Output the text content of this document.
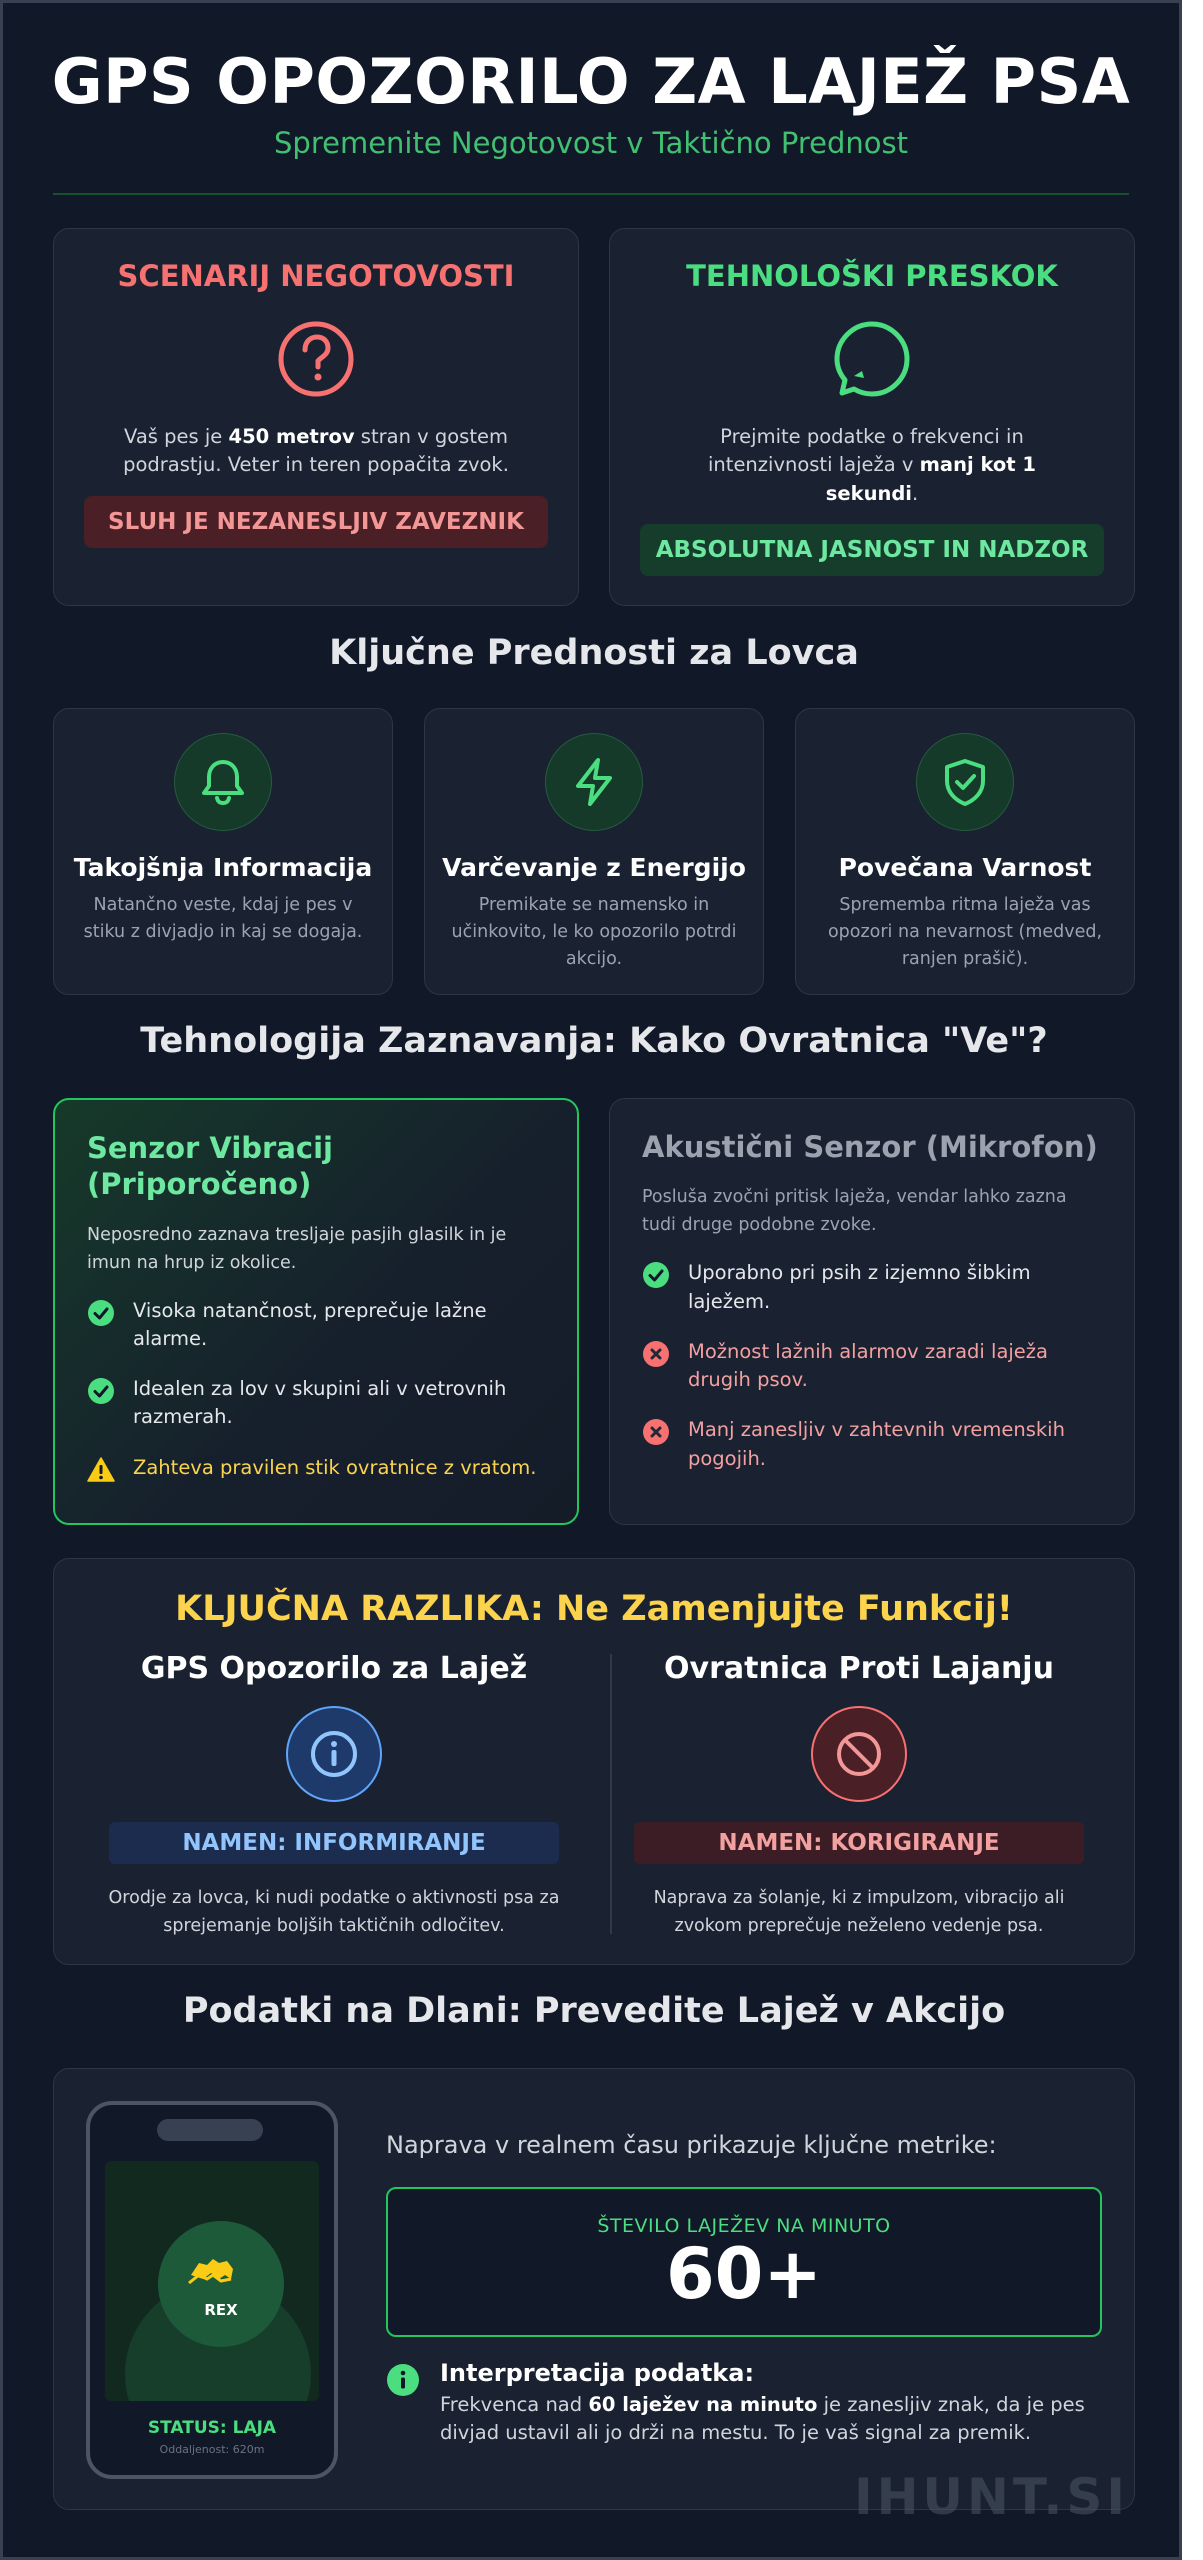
GPS OPOZORILO ZA LAJEŽ PSA
Spremenite Negotovost v Taktično Prednost
SCENARIJ NEGOTOVOSTI
Vaš pes je 450 metrov stran v gostem podrastju. Veter in teren popačita zvok.
SLUH JE NEZANESLJIV ZAVEZNIK
TEHNOLOŠKI PRESKOK
Prejmite podatke o frekvenci in intenzivnosti laježa v manj kot 1 sekundi.
ABSOLUTNA JASNOST IN NADZOR
Ključne Prednosti za Lovca
Takojšnja Informacija
Natančno veste, kdaj je pes v stiku z divjadjo in kaj se dogaja.
Varčevanje z Energijo
Premikate se namensko in učinkovito, le ko opozorilo potrdi akcijo.
Povečana Varnost
Sprememba ritma laježa vas opozori na nevarnost (medved, ranjen prašič).
Tehnologija Zaznavanja: Kako Ovratnica "Ve"?
Senzor Vibracij (Priporočeno)
Neposredno zaznava tresljaje pasjih glasilk in je imun na hrup iz okolice.
Visoka natančnost, preprečuje lažne alarme.
Idealen za lov v skupini ali v vetrovnih razmerah.
Zahteva pravilen stik ovratnice z vratom.
Akustični Senzor (Mikrofon)
Posluša zvočni pritisk laježa, vendar lahko zazna tudi druge podobne zvoke.
Uporabno pri psih z izjemno šibkim laježem.
Možnost lažnih alarmov zaradi laježa drugih psov.
Manj zanesljiv v zahtevnih vremenskih pogojih.
KLJUČNA RAZLIKA: Ne Zamenjujte Funkcij!
GPS Opozorilo za Lajež
NAMEN: INFORMIRANJE
Orodje za lovca, ki nudi podatke o aktivnosti psa za sprejemanje boljših taktičnih odločitev.
Ovratnica Proti Lajanju
NAMEN: KORIGIRANJE
Naprava za šolanje, ki z impulzom, vibracijo ali zvokom preprečuje neželeno vedenje psa.
Podatki na Dlani: Prevedite Lajež v Akcijo
REX
STATUS: LAJA
Oddaljenost: 620m
Naprava v realnem času prikazuje ključne metrike:
ŠTEVILO LAJEŽEV NA MINUTO
60+
Interpretacija podatka:
Frekvenca nad 60 laježev na minuto je zanesljiv znak, da je pes divjad ustavil ali jo drži na mestu. To je vaš signal za premik.
IHUNT.SI
